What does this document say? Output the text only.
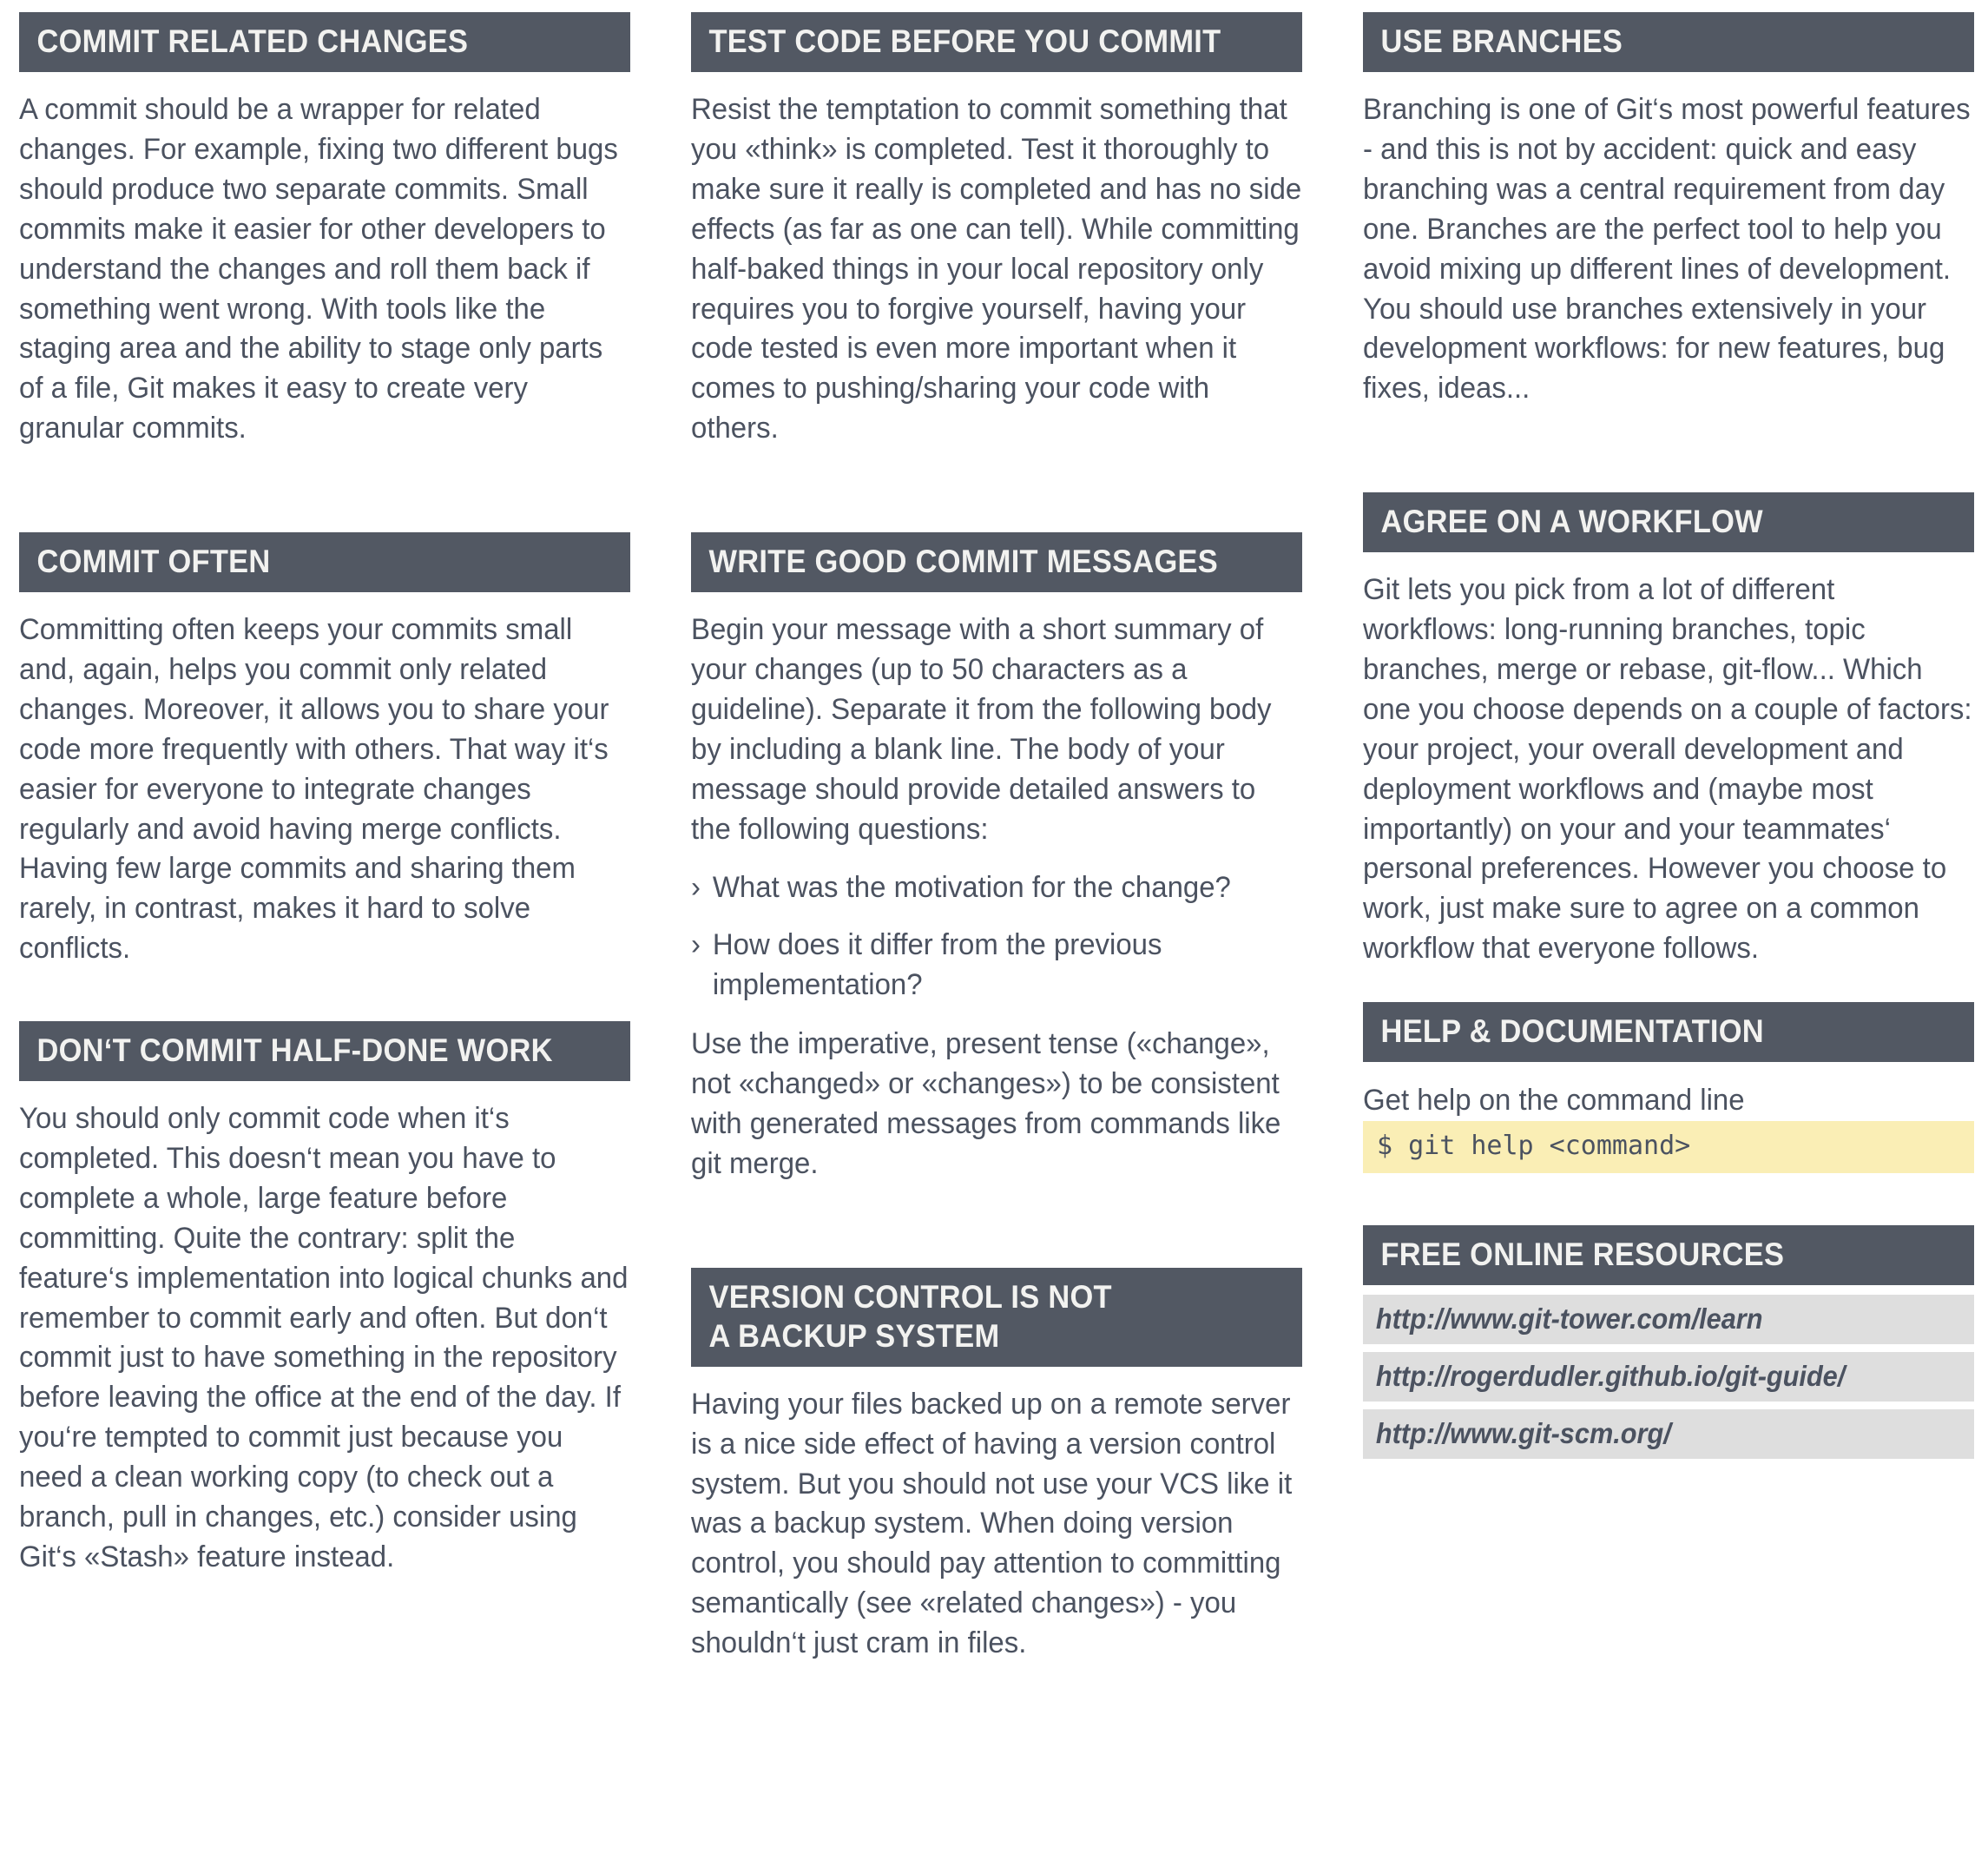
COMMIT RELATED CHANGES

A commit should be a wrapper for related changes. For example, fixing two different bugs should produce two separate commits. Small commits make it easier for other developers to understand the changes and roll them back if something went wrong. With tools like the staging area and the ability to stage only parts of a file, Git makes it easy to create very granular commits.

COMMIT OFTEN

Committing often keeps your commits small and, again, helps you commit only related changes. Moreover, it allows you to share your code more frequently with others. That way it‘s easier for everyone to integrate changes regularly and avoid having merge conflicts. Having few large commits and sharing them rarely, in contrast, makes it hard to solve conflicts.

DON‘T COMMIT HALF-DONE WORK

You should only commit code when it‘s completed. This doesn‘t mean you have to complete a whole, large feature before committing. Quite the contrary: split the feature‘s implementation into logical chunks and remember to commit early and often. But don‘t commit just to have something in the repository before leaving the office at the end of the day. If you‘re tempted to commit just because you need a clean working copy (to check out a branch, pull in changes, etc.) consider using Git‘s «Stash» feature instead.

TEST CODE BEFORE YOU COMMIT

Resist the temptation to commit something that you «think» is completed. Test it thoroughly to make sure it really is completed and has no side effects (as far as one can tell). While committing half-baked things in your local repository only requires you to forgive yourself, having your code tested is even more important when it comes to pushing/sharing your code with others.

WRITE GOOD COMMIT MESSAGES

Begin your message with a short summary of your changes (up to 50 characters as a guideline). Separate it from the following body by including a blank line. The body of your message should provide detailed answers to the following questions:

› What was the motivation for the change?
› How does it differ from the previous implementation?

Use the imperative, present tense («change», not «changed» or «changes») to be consistent with generated messages from commands like git merge.

VERSION CONTROL IS NOT
A BACKUP SYSTEM

Having your files backed up on a remote server is a nice side effect of having a version control system. But you should not use your VCS like it was a backup system. When doing version control, you should pay attention to committing semantically (see «related changes») - you shouldn‘t just cram in files.

USE BRANCHES

Branching is one of Git‘s most powerful features - and this is not by accident: quick and easy branching was a central requirement from day one. Branches are the perfect tool to help you avoid mixing up different lines of development. You should use branches extensively in your development workflows: for new features, bug fixes, ideas...

AGREE ON A WORKFLOW

Git lets you pick from a lot of different workflows: long-running branches, topic branches, merge or rebase, git-flow... Which one you choose depends on a couple of factors: your project, your overall development and deployment workflows and (maybe most importantly) on your and your teammates‘ personal preferences. However you choose to work, just make sure to agree on a common workflow that everyone follows.

HELP & DOCUMENTATION

Get help on the command line

$ git help <command>
FREE ONLINE RESOURCES
http://www.git-tower.com/learn
http://rogerdudler.github.io/git-guide/
http://www.git-scm.org/
